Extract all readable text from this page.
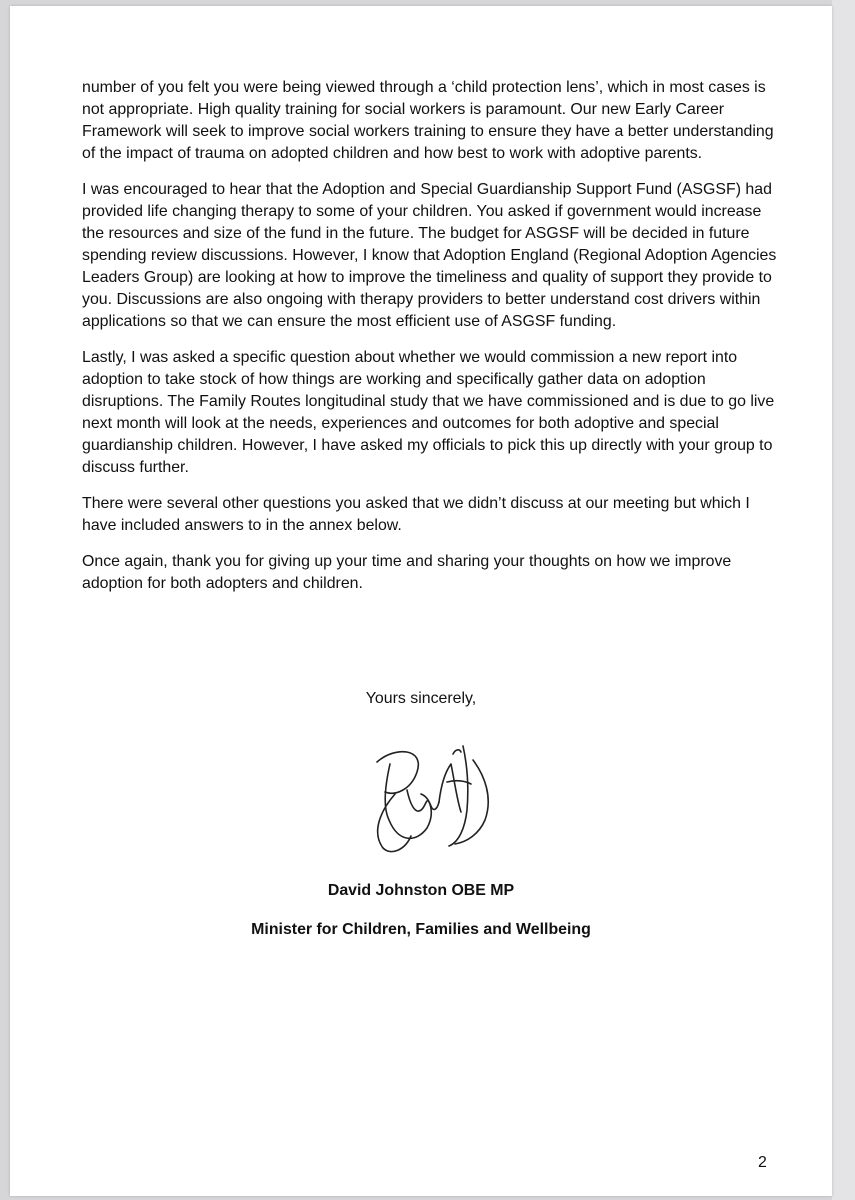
number of you felt you were being viewed through a ‘child protection lens’, which in most cases is not appropriate. High quality training for social workers is paramount. Our new Early Career Framework will seek to improve social workers training to ensure they have a better understanding of the impact of trauma on adopted children and how best to work with adoptive parents.

I was encouraged to hear that the Adoption and Special Guardianship Support Fund (ASGSF) had provided life changing therapy to some of your children. You asked if government would increase the resources and size of the fund in the future. The budget for ASGSF will be decided in future spending review discussions. However, I know that Adoption England (Regional Adoption Agencies Leaders Group) are looking at how to improve the timeliness and quality of support they provide to you. Discussions are also ongoing with therapy providers to better understand cost drivers within applications so that we can ensure the most efficient use of ASGSF funding.

Lastly, I was asked a specific question about whether we would commission a new report into adoption to take stock of how things are working and specifically gather data on adoption disruptions. The Family Routes longitudinal study that we have commissioned and is due to go live next month will look at the needs, experiences and outcomes for both adoptive and special guardianship children. However, I have asked my officials to pick this up directly with your group to discuss further.

There were several other questions you asked that we didn’t discuss at our meeting but which I have included answers to in the annex below.

Once again, thank you for giving up your time and sharing your thoughts on how we improve adoption for both adopters and children.

Yours sincerely,
David Johnston OBE MP
Minister for Children, Families and Wellbeing
2
